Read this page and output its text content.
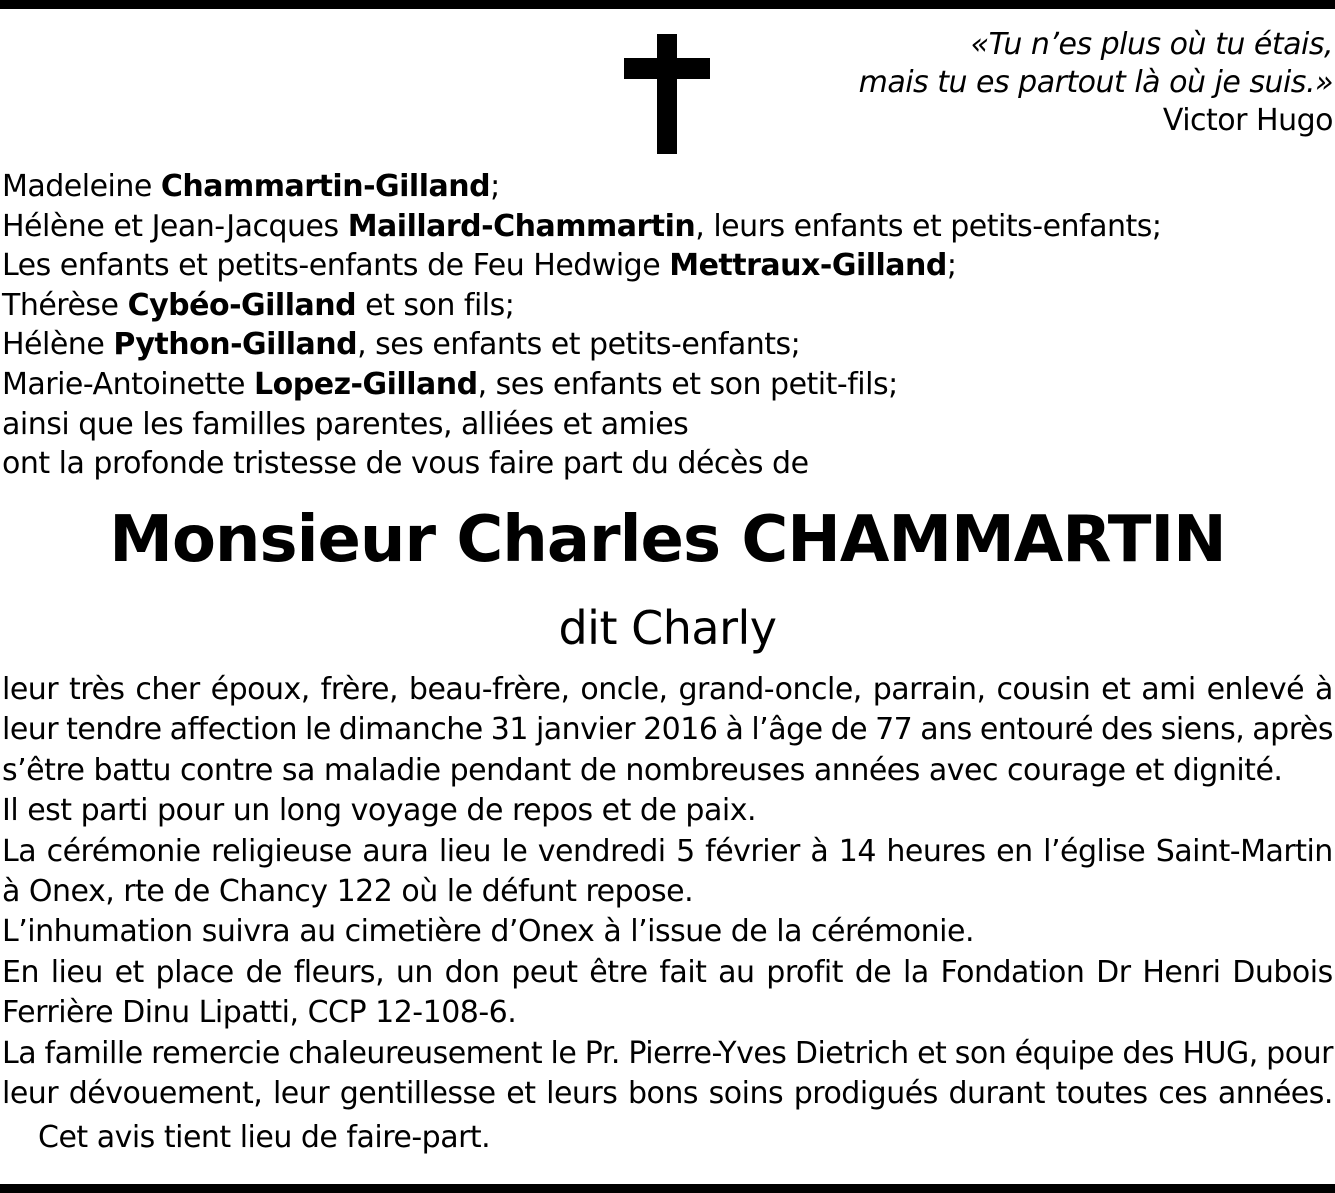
«Tu n’es plus où tu étais,
mais tu es partout là où je suis.»
Victor Hugo
Madeleine Chammartin-Gilland;
Hélène et Jean-Jacques Maillard-Chammartin, leurs enfants et petits-enfants;
Les enfants et petits-enfants de Feu Hedwige Mettraux-Gilland;
Thérèse Cybéo-Gilland et son fils;
Hélène Python-Gilland, ses enfants et petits-enfants;
Marie-Antoinette Lopez-Gilland, ses enfants et son petit-fils;
ainsi que les familles parentes, alliées et amies
ont la profonde tristesse de vous faire part du décès de
Monsieur Charles CHAMMARTIN
dit Charly
leur très cher époux, frère, beau-frère, oncle, grand-oncle, parrain, cousin et ami enlevé à
leur tendre affection le dimanche 31 janvier 2016 à l’âge de 77 ans entouré des siens, après
s’être battu contre sa maladie pendant de nombreuses années avec courage et dignité.
Il est parti pour un long voyage de repos et de paix.
La cérémonie religieuse aura lieu le vendredi 5 février à 14 heures en l’église Saint-Martin
à Onex, rte de Chancy 122 où le défunt repose.
L’inhumation suivra au cimetière d’Onex à l’issue de la cérémonie.
En lieu et place de fleurs, un don peut être fait au profit de la Fondation Dr Henri Dubois
Ferrière Dinu Lipatti, CCP 12-108-6.
La famille remercie chaleureusement le Pr. Pierre-Yves Dietrich et son équipe des HUG, pour
leur dévouement, leur gentillesse et leurs bons soins prodigués durant toutes ces années.
Cet avis tient lieu de faire-part.
